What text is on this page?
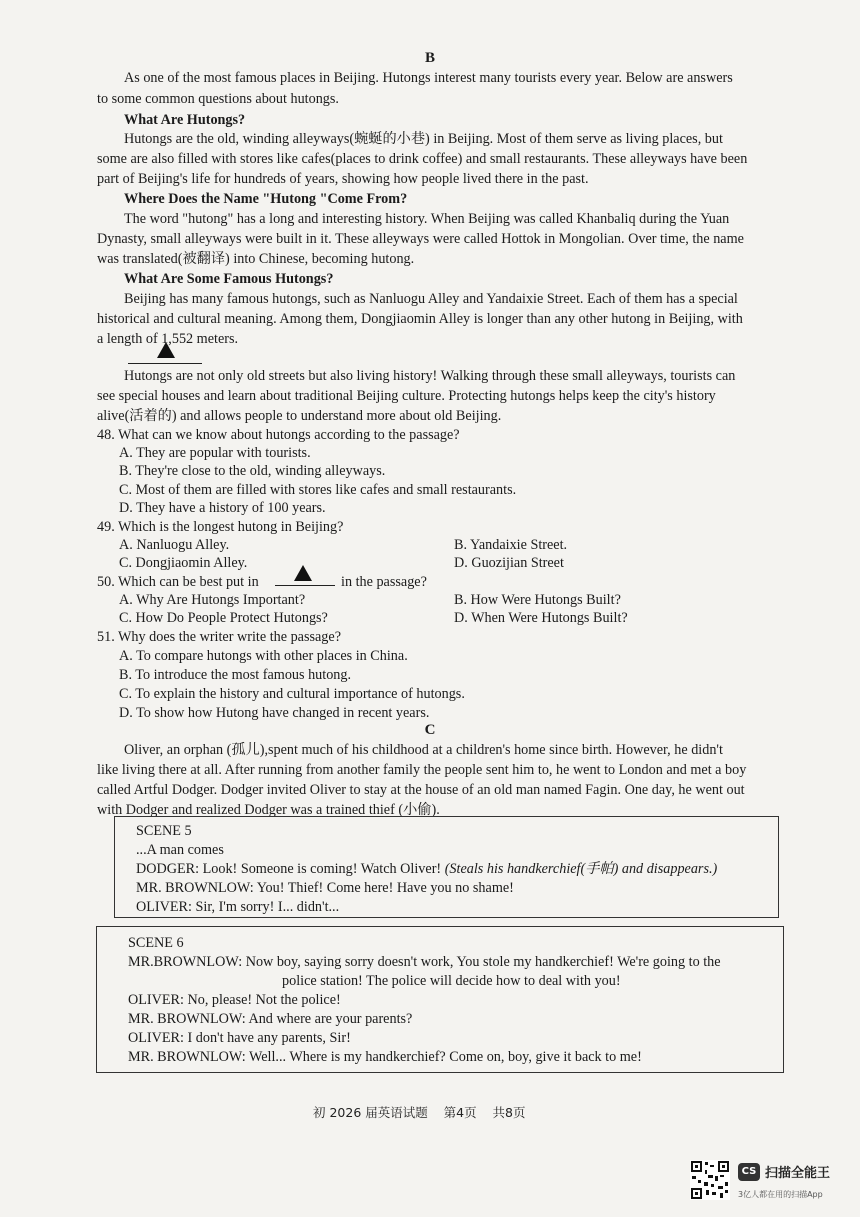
B
As one of the most famous places in Beijing. Hutongs interest many tourists every year. Below are answers
to some common questions about hutongs.
What Are Hutongs?
Hutongs are the old, winding alleyways(蜿蜒的小巷) in Beijing. Most of them serve as living places, but
some are also filled with stores like cafes(places to drink coffee) and small restaurants. These alleyways have been
part of Beijing's life for hundreds of years, showing how people lived there in the past.
Where Does the Name "Hutong "Come From?
The word "hutong" has a long and interesting history. When Beijing was called Khanbaliq during the Yuan
Dynasty, small alleyways were built in it. These alleyways were called Hottok in Mongolian. Over time, the name
was translated(被翻译) into Chinese, becoming hutong.
What Are Some Famous Hutongs?
Beijing has many famous hutongs, such as Nanluogu Alley and Yandaixie Street. Each of them has a special
historical and cultural meaning. Among them, Dongjiaomin Alley is longer than any other hutong in Beijing, with
a length of 1,552 meters.
Hutongs are not only old streets but also living history! Walking through these small alleyways, tourists can
see special houses and learn about traditional Beijing culture. Protecting hutongs helps keep the city's history
alive(活着的) and allows people to understand more about old Beijing.
48. What can we know about hutongs according to the passage?
A. They are popular with tourists.
B. They're close to the old, winding alleyways.
C. Most of them are filled with stores like cafes and small restaurants.
D. They have a history of 100 years.
49. Which is the longest hutong in Beijing?
A. Nanluogu Alley.	B. Yandaixie Street.
C. Dongjiaomin Alley.	D. Guozijian Street
50. Which can be best put in	in the passage?
A. Why Are Hutongs Important?	B. How Were Hutongs Built?
C. How Do People Protect Hutongs?	D. When Were Hutongs Built?
51. Why does the writer write the passage?
A. To compare hutongs with other places in China.
B. To introduce the most famous hutong.
C. To explain the history and cultural importance of hutongs.
D. To show how Hutong have changed in recent years.
C
Oliver, an orphan (孤儿),spent much of his childhood at a children's home since birth. However, he didn't
like living there at all. After running from another family the people sent him to, he went to London and met a boy
called Artful Dodger. Dodger invited Oliver to stay at the house of an old man named Fagin. One day, he went out
with Dodger and realized Dodger was a trained thief (小偷).
SCENE 5
...A man comes
DODGER: Look! Someone is coming! Watch Oliver! (Steals his handkerchief(手帕) and disappears.)
MR. BROWNLOW: You! Thief! Come here! Have you no shame!
OLIVER: Sir, I'm sorry! I... didn't...
SCENE 6
MR.BROWNLOW: Now boy, saying sorry doesn't work, You stole my handkerchief! We're going to the
police station! The police will decide how to deal with you!
OLIVER: No, please! Not the police!
MR. BROWNLOW: And where are your parents?
OLIVER: I don't have any parents, Sir!
MR. BROWNLOW: Well... Where is my handkerchief? Come on, boy, give it back to me!
初 2026 届英语试题    第4页    共8页
CS 扫描全能王
3亿人都在用的扫描App
